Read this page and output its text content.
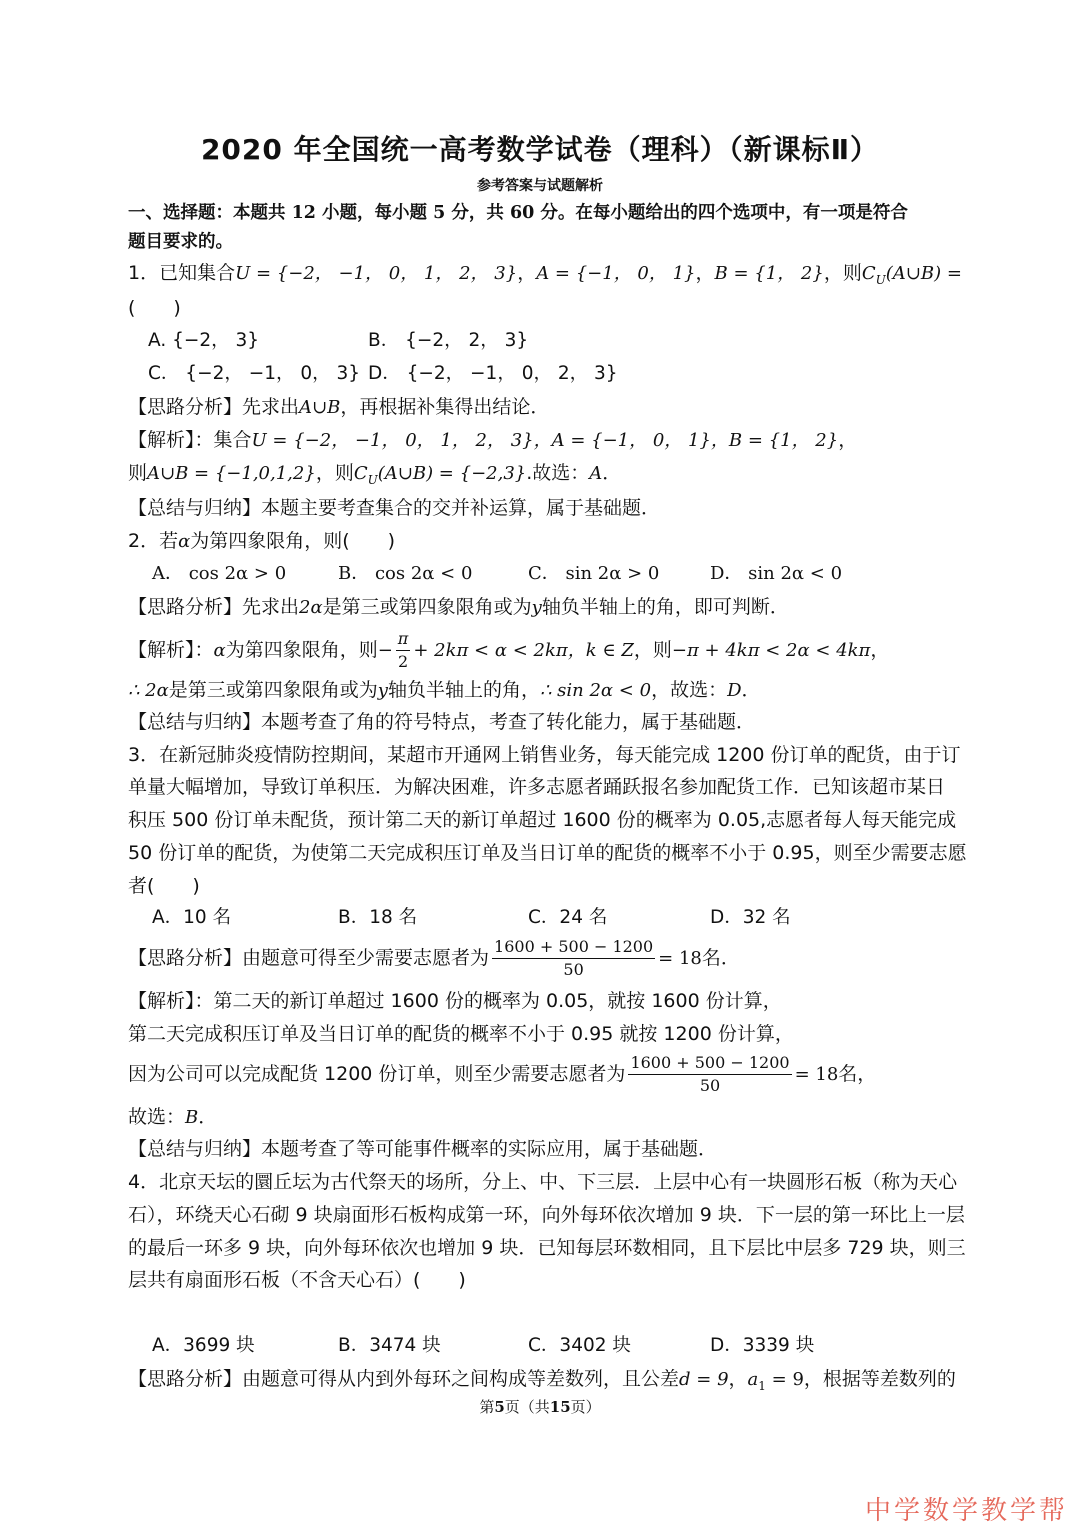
2020 年全国统一高考数学试卷（理科）（新课标Ⅱ）
参考答案与试题解析
一、选择题：本题共 12 小题，每小题 5 分，共 60 分。在每小题给出的四个选项中，有一项是符合
题目要求的。
1．已知集合U = {−2， −1， 0， 1， 2， 3}，A = {−1， 0， 1}，B = {1， 2}，则$C_U(A\cup B)$ =
(　　)
A. {−2， 3}	B． {−2， 2， 3}
C． {−2， −1， 0， 3} D． {−2， −1， 0， 2， 3}
【思路分析】先求出A∪B，再根据补集得出结论．
【解析】：集合U = {−2， −1， 0， 1， 2， 3}，A = {−1， 0， 1}，B = {1， 2}，
则A∪B = {−1,0,1,2}，则$C_U(A\cup B) = \{-2,3\}$.故选：A．
【总结与归纳】本题主要考查集合的交并补运算，属于基础题．
2．若α为第四象限角，则(　　)
A． cos 2α > 0	B． cos 2α < 0	C． sin 2α > 0	D． sin 2α < 0
【思路分析】先求出2α是第三或第四象限角或为y轴负半轴上的角，即可判断．
【解析】：α为第四象限角，则− $\frac{\pi}{2} + 2k\pi < \alpha < 2k\pi$，k ∈ Z，则−π + 4kπ < 2α < 4kπ，
∴ 2α是第三或第四象限角或为y轴负半轴上的角，∴ sin 2α < 0，故选：D．
【总结与归纳】本题考查了角的符号特点，考查了转化能力，属于基础题．
3．在新冠肺炎疫情防控期间，某超市开通网上销售业务，每天能完成 1200 份订单的配货，由于订
单量大幅增加，导致订单积压．为解决困难，许多志愿者踊跃报名参加配货工作．已知该超市某日
积压 500 份订单未配货，预计第二天的新订单超过 1600 份的概率为 0.05,志愿者每人每天能完成
50 份订单的配货，为使第二天完成积压订单及当日订单的配货的概率不小于 0.95，则至少需要志愿
者(　　)
A．10 名	B．18 名	C．24 名	D．32 名
【思路分析】由题意可得至少需要志愿者为 $\frac{1600 + 500 - 1200}{50} = 18$名．
【解析】：第二天的新订单超过 1600 份的概率为 0.05，就按 1600 份计算，
第二天完成积压订单及当日订单的配货的概率不小于 0.95 就按 1200 份计算，
因为公司可以完成配货 1200 份订单，则至少需要志愿者为 $\frac{1600 + 500 - 1200}{50} = 18$名，
故选：B．
【总结与归纳】本题考查了等可能事件概率的实际应用，属于基础题．
4．北京天坛的圜丘坛为古代祭天的场所，分上、中、下三层．上层中心有一块圆形石板（称为天心
石），环绕天心石砌 9 块扇面形石板构成第一环，向外每环依次增加 9 块．下一层的第一环比上一层
的最后一环多 9 块，向外每环依次也增加 9 块．已知每层环数相同，且下层比中层多 729 块，则三
层共有扇面形石板（不含天心石）(　　)
A．3699 块	B．3474 块	C．3402 块	D．3339 块
【思路分析】由题意可得从内到外每环之间构成等差数列，且公差d = 9，$a_1 = 9$，根据等差数列的
第5页（共15页）
中学数学教学帮
